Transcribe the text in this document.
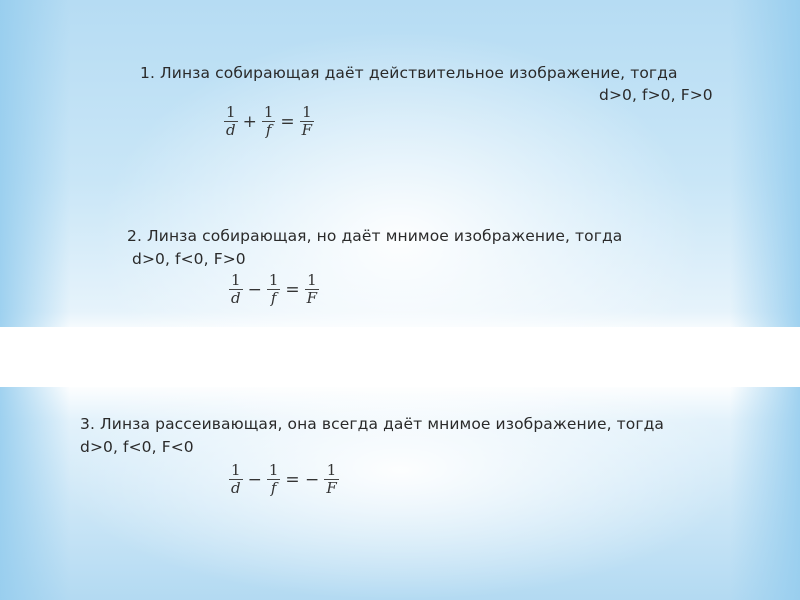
1. Линза собирающая даёт действительное изображение, тогда
d>0, f>0, F>0
$\frac{1}{d} + \frac{1}{f} = \frac{1}{F}$
2. Линза собирающая, но даёт мнимое изображение, тогда
d>0, f<0, F>0
$\frac{1}{d} - \frac{1}{f} = \frac{1}{F}$
3. Линза рассеивающая, она всегда даёт мнимое изображение, тогда
d>0, f<0, F<0
$\frac{1}{d} - \frac{1}{f}$ = − $\frac{1}{F}$
